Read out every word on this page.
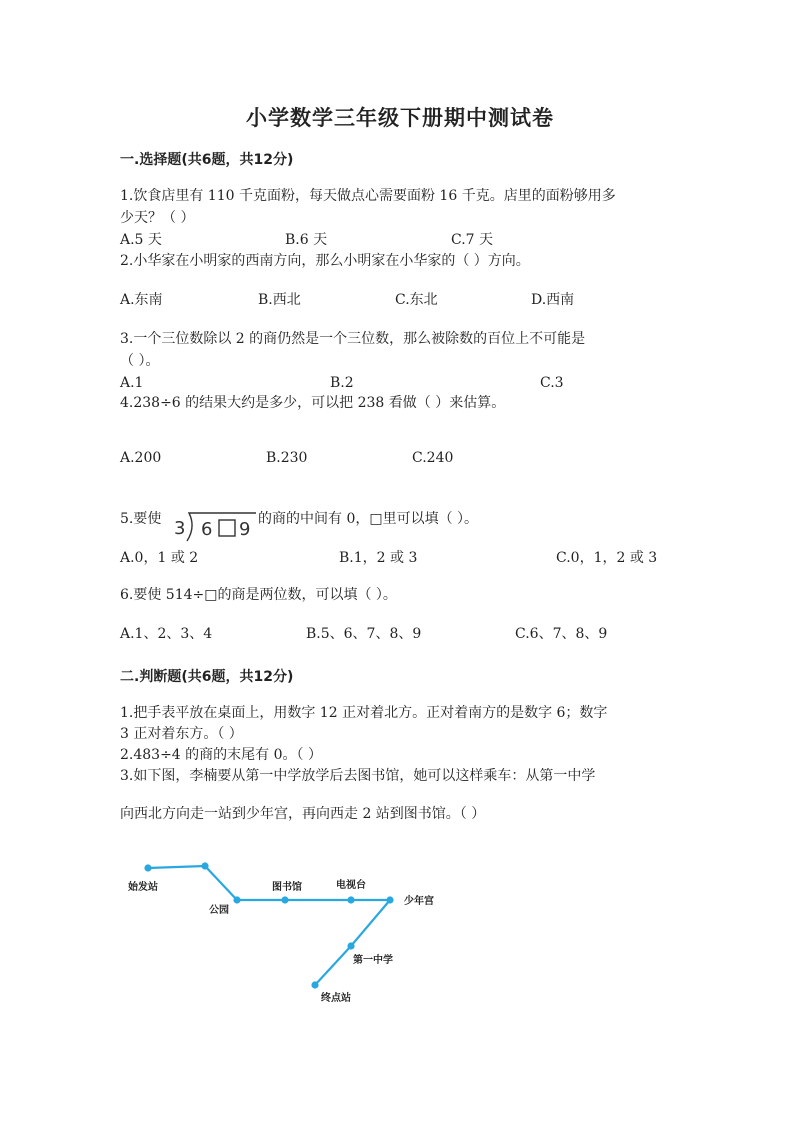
小学数学三年级下册期中测试卷
一.选择题(共6题，共12分)
1.饮食店里有 110 千克面粉，每天做点心需要面粉 16 千克。店里的面粉够用多
少天？（ ）
A.5 天	B.6 天	C.7 天
2.小华家在小明家的西南方向，那么小明家在小华家的（ ）方向。
A.东南	B.西北	C.东北	D.西南
3.一个三位数除以 2 的商仍然是一个三位数，那么被除数的百位上不可能是
（ ）。
A.1	B.2	C.3
4.238÷6 的结果大约是多少，可以把 238 看做（ ）来估算。
A.200	B.230	C.240
5.要使 3 6 9 的商的中间有 0，□里可以填（ ）。
A.0，1 或 2	B.1，2 或 3	C.0，1，2 或 3
6.要使 514÷□的商是两位数，可以填（ ）。
A.1、2、3、4	B.5、6、7、8、9	C.6、7、8、9
二.判断题(共6题，共12分)
1.把手表平放在桌面上，用数字 12 正对着北方。正对着南方的是数字 6；数字
3 正对着东方。（ ）
2.483÷4 的商的末尾有 0。（ ）
3.如下图，李楠要从第一中学放学后去图书馆，她可以这样乘车：从第一中学
向西北方向走一站到少年宫，再向西走 2 站到图书馆。（ ）
始发站
公园
图书馆	电视台
少年宫
第一中学
终点站
